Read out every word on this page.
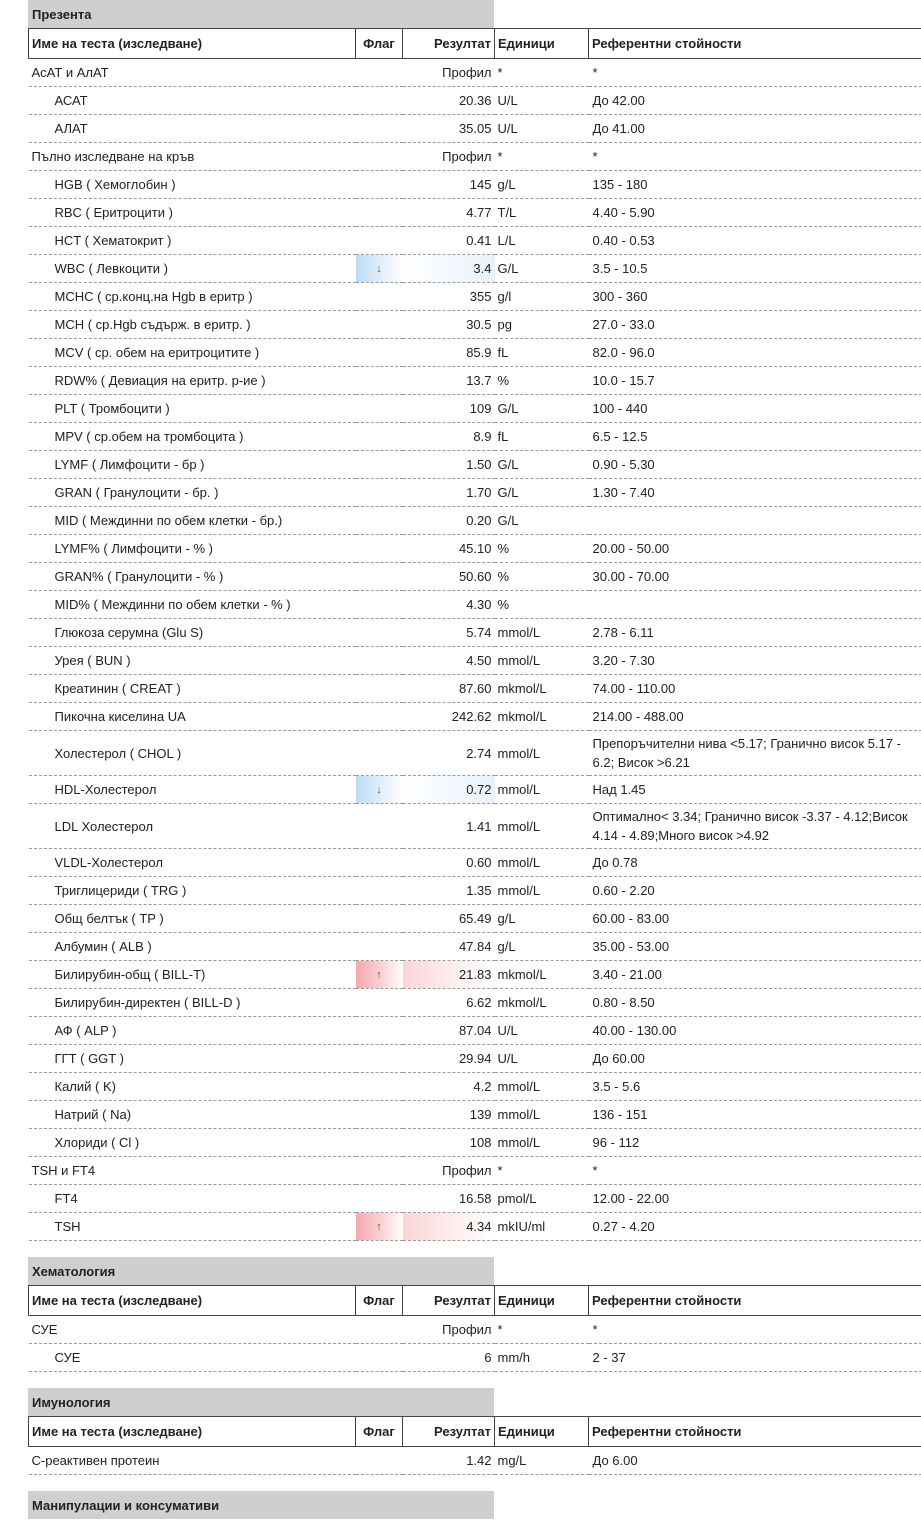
Презента
Име на теста (изследване)	Флаг	Резултат	Единици	Референтни стойности
АсАТ и АлАТ		Профил	*	*
АСАТ		20.36	U/L	До 42.00
АЛАТ		35.05	U/L	До 41.00
Пълно изследване на кръв		Профил	*	*
HGB ( Хемоглобин )		145	g/L	135 - 180
RBC ( Еритроцити )		4.77	T/L	4.40 - 5.90
HCT ( Хематокрит )		0.41	L/L	0.40 - 0.53
WBC ( Левкоцити )	↓	3.4	G/L	3.5 - 10.5
MCHC ( ср.конц.на Hgb в еритр )		355	g/l	300 - 360
MCH ( ср.Hgb съдърж. в еритр. )		30.5	pg	27.0 - 33.0
MCV ( ср. обем на еритроцитите )		85.9	fL	82.0 - 96.0
RDW% ( Девиация на еритр. р-ие )		13.7	%	10.0 - 15.7
PLT ( Тромбоцити )		109	G/L	100 - 440
MPV ( ср.обем на тромбоцита )		8.9	fL	6.5 - 12.5
LYMF ( Лимфоцити - бр )		1.50	G/L	0.90 - 5.30
GRAN ( Гранулоцити - бр. )		1.70	G/L	1.30 - 7.40
MID ( Междинни по обем клетки - бр.)		0.20	G/L	
LYMF% ( Лимфоцити - % )		45.10	%	20.00 - 50.00
GRAN% ( Гранулоцити - % )		50.60	%	30.00 - 70.00
MID% ( Междинни по обем клетки - % )		4.30	%	
Глюкоза серумна (Glu S)		5.74	mmol/L	2.78 - 6.11
Урея ( BUN )		4.50	mmol/L	3.20 - 7.30
Креатинин ( CREAT )		87.60	mkmol/L	74.00 - 110.00
Пикочна киселина UA		242.62	mkmol/L	214.00 - 488.00
Холестерол ( CHOL )		2.74	mmol/L	Препоръчителни нива <5.17; Гранично висок 5.17 - 6.2; Висок >6.21
HDL-Холестерол	↓	0.72	mmol/L	Над 1.45
LDL Холестерол		1.41	mmol/L	Оптимално< 3.34; Гранично висок -3.37 - 4.12;Висок 4.14 - 4.89;Много висок >4.92
VLDL-Холестерол		0.60	mmol/L	До 0.78
Триглицериди ( TRG )		1.35	mmol/L	0.60 - 2.20
Общ белтък ( TP )		65.49	g/L	60.00 - 83.00
Албумин ( ALB )		47.84	g/L	35.00 - 53.00
Билирубин-общ ( BILL-T)	↑	21.83	mkmol/L	3.40 - 21.00
Билирубин-директен ( BILL-D )		6.62	mkmol/L	0.80 - 8.50
АФ ( ALP )		87.04	U/L	40.00 - 130.00
ГГТ ( GGT )		29.94	U/L	До 60.00
Калий ( K)		4.2	mmol/L	3.5 - 5.6
Натрий ( Na)		139	mmol/L	136 - 151
Хлориди ( Cl )		108	mmol/L	96 - 112
TSH и FT4		Профил	*	*
FT4		16.58	pmol/L	12.00 - 22.00
TSH	↑	4.34	mkIU/ml	0.27 - 4.20
Хематология
Име на теста (изследване)	Флаг	Резултат	Единици	Референтни стойности
СУЕ		Профил	*	*
СУЕ		6	mm/h	2 - 37
Имунология
Име на теста (изследване)	Флаг	Резултат	Единици	Референтни стойности
С-реактивен протеин		1.42	mg/L	До 6.00
Манипулации и консумативи
